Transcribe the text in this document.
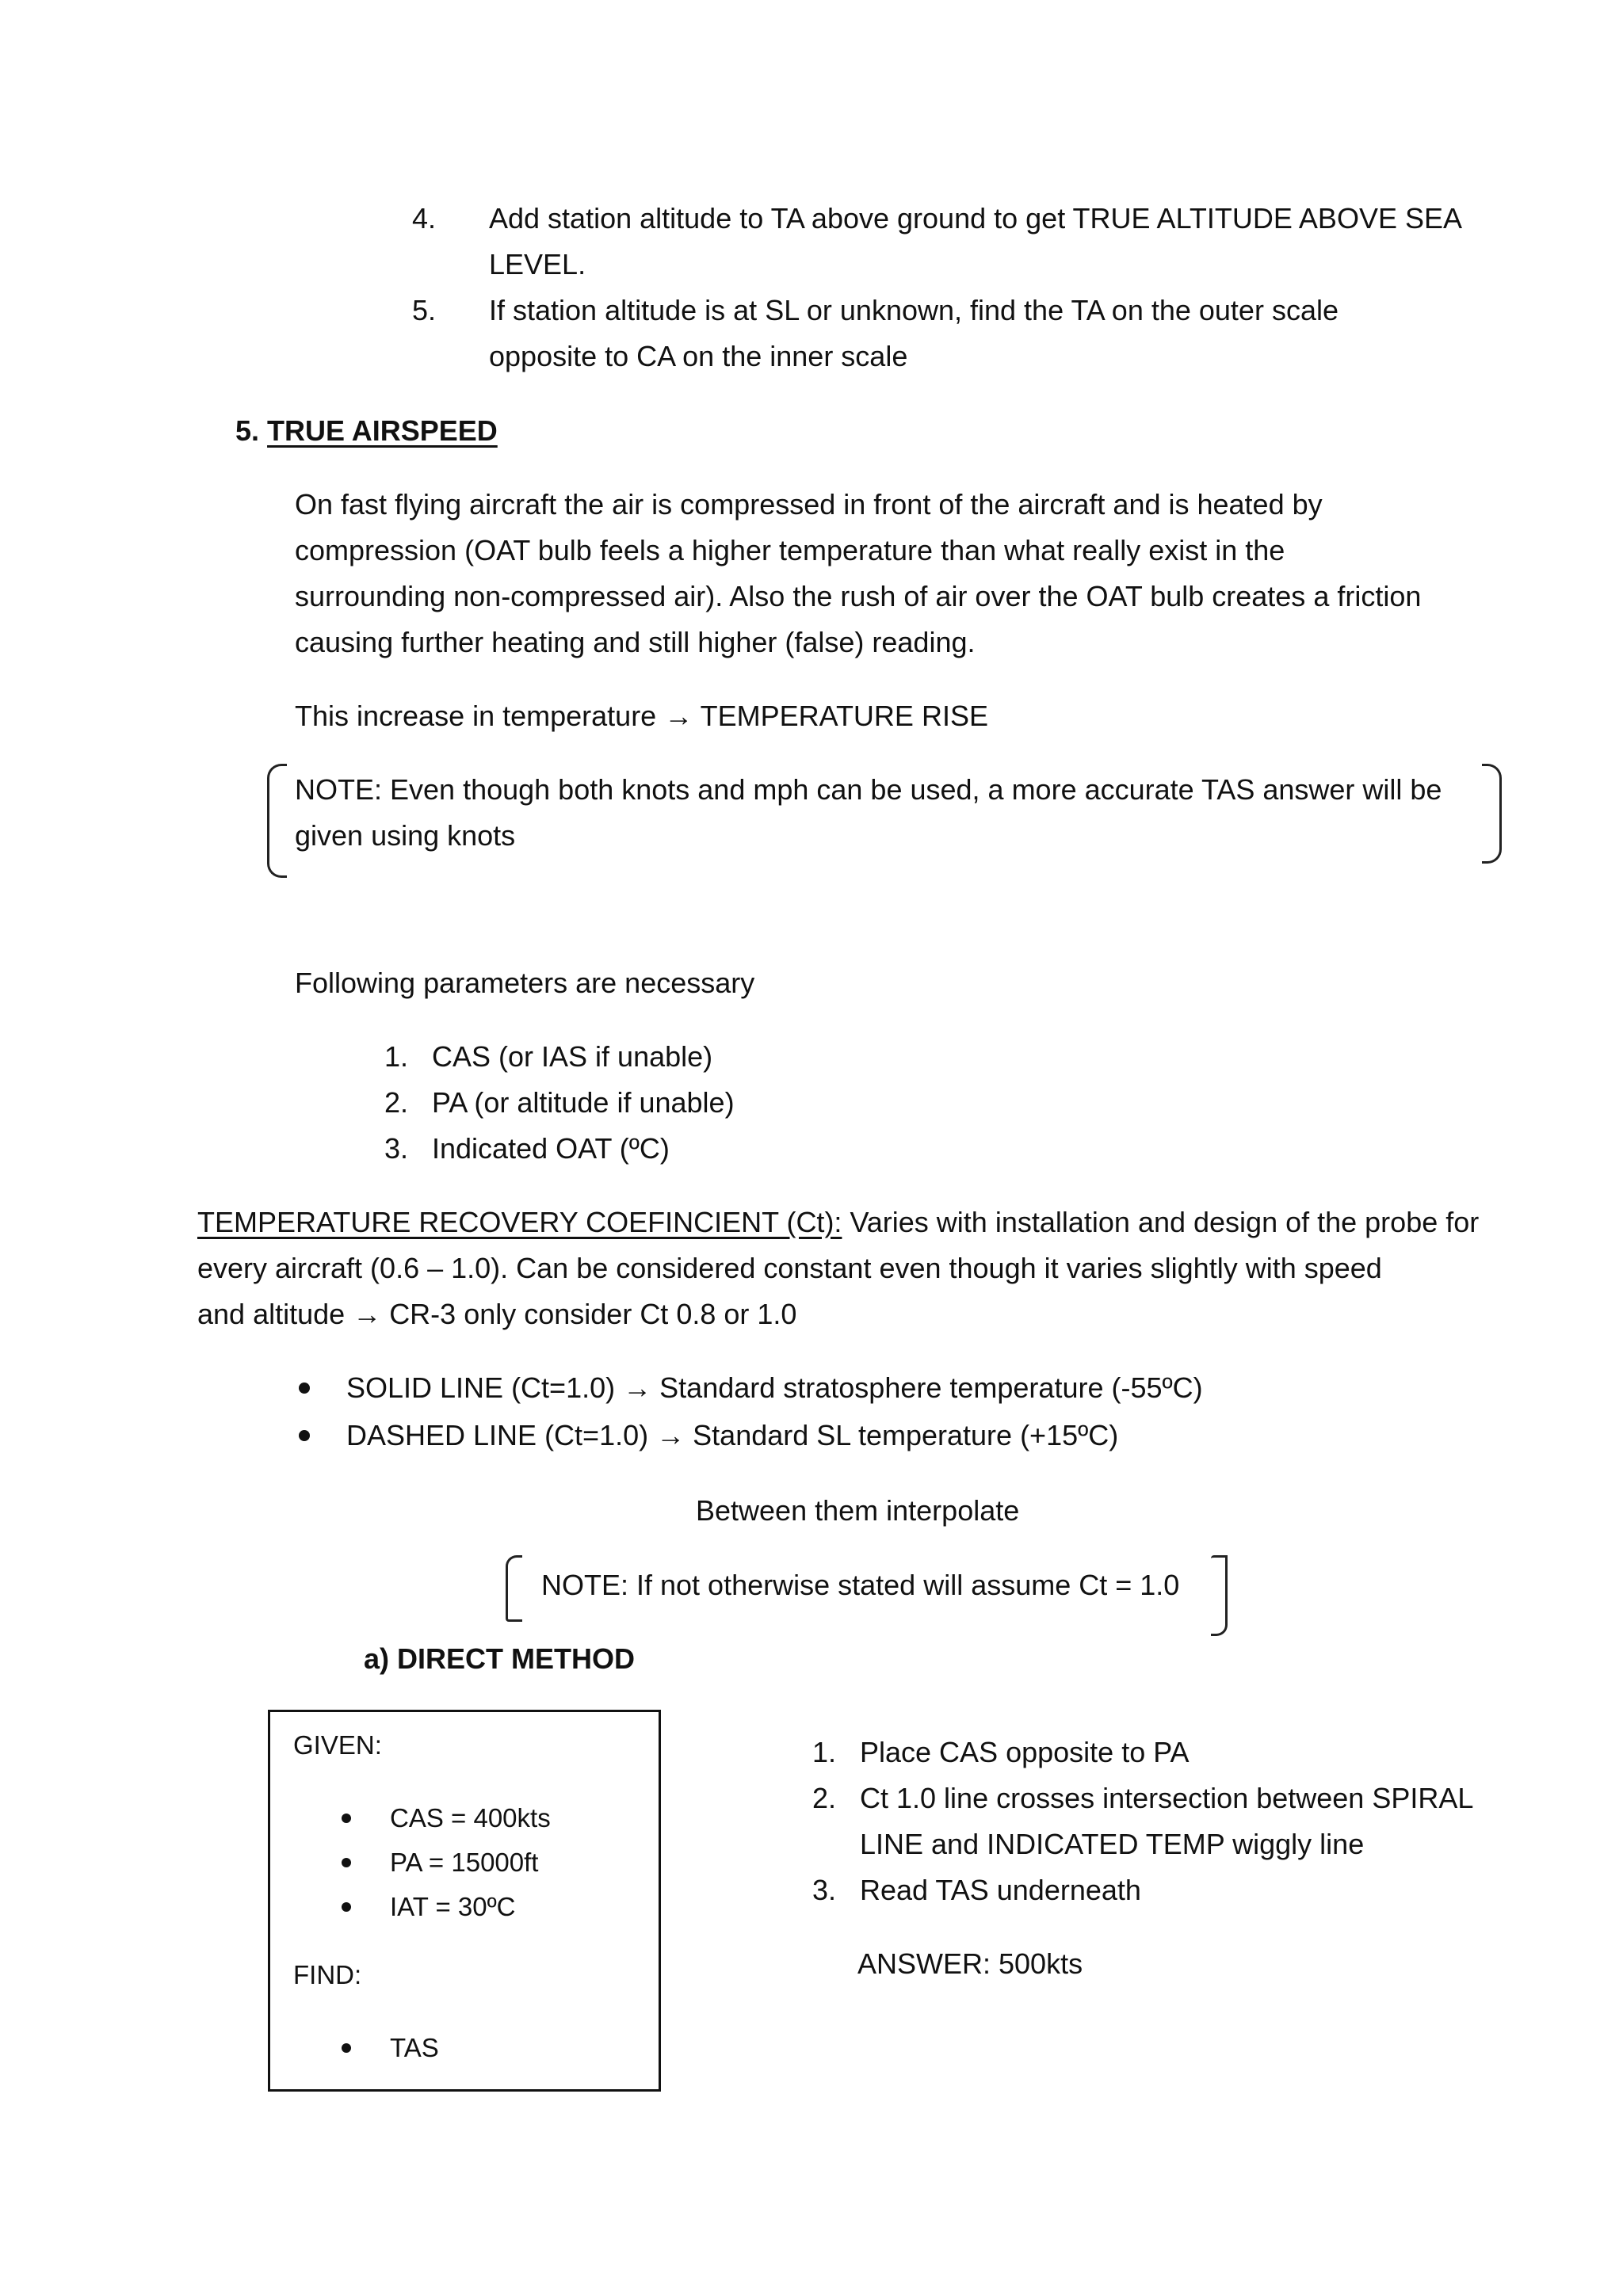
4. Add station altitude to TA above ground to get TRUE ALTITUDE ABOVE SEA
LEVEL.
5. If station altitude is at SL or unknown, find the TA on the outer scale
opposite to CA on the inner scale
5. TRUE AIRSPEED
On fast flying aircraft the air is compressed in front of the aircraft and is heated by
compression (OAT bulb feels a higher temperature than what really exist in the
surrounding non-compressed air). Also the rush of air over the OAT bulb creates a friction
causing further heating and still higher (false) reading.
This increase in temperature → TEMPERATURE RISE
NOTE: Even though both knots and mph can be used, a more accurate TAS answer will be
given using knots
Following parameters are necessary
1. CAS (or IAS if unable)
2. PA (or altitude if unable)
3. Indicated OAT (ºC)
TEMPERATURE RECOVERY COEFINCIENT (Ct): Varies with installation and design of the probe for
every aircraft (0.6 – 1.0). Can be considered constant even though it varies slightly with speed
and altitude → CR-3 only consider Ct 0.8 or 1.0
SOLID LINE (Ct=1.0) → Standard stratosphere temperature (-55ºC)
DASHED LINE (Ct=1.0) → Standard SL temperature (+15ºC)
Between them interpolate
NOTE: If not otherwise stated will assume Ct = 1.0
a) DIRECT METHOD
GIVEN:
CAS = 400kts
PA = 15000ft
IAT = 30ºC
FIND:
TAS
1. Place CAS opposite to PA
2. Ct 1.0 line crosses intersection between SPIRAL
LINE and INDICATED TEMP wiggly line
3. Read TAS underneath
ANSWER: 500kts
